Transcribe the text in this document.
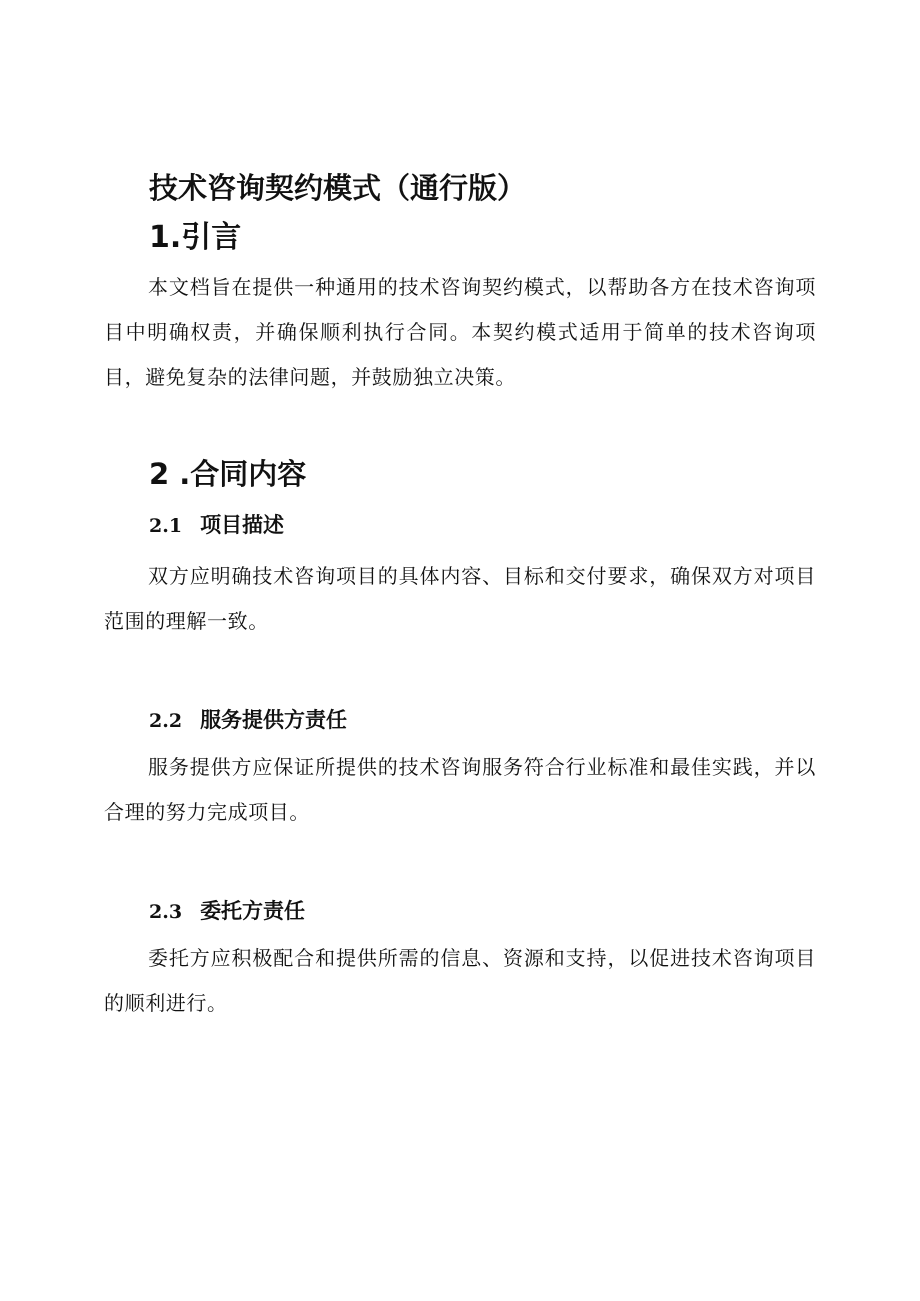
技术咨询契约模式（通行版）
1.引言

本文档旨在提供一种通用的技术咨询契约模式，以帮助各方在技术咨询项目中明确权责，并确保顺利执行合同。本契约模式适用于简单的技术咨询项目，避免复杂的法律问题，并鼓励独立决策。

2 .合同内容
2.1 项目描述

双方应明确技术咨询项目的具体内容、目标和交付要求，确保双方对项目范围的理解一致。

2.2 服务提供方责任

服务提供方应保证所提供的技术咨询服务符合行业标准和最佳实践，并以合理的努力完成项目。

2.3 委托方责任

委托方应积极配合和提供所需的信息、资源和支持，以促进技术咨询项目的顺利进行。
